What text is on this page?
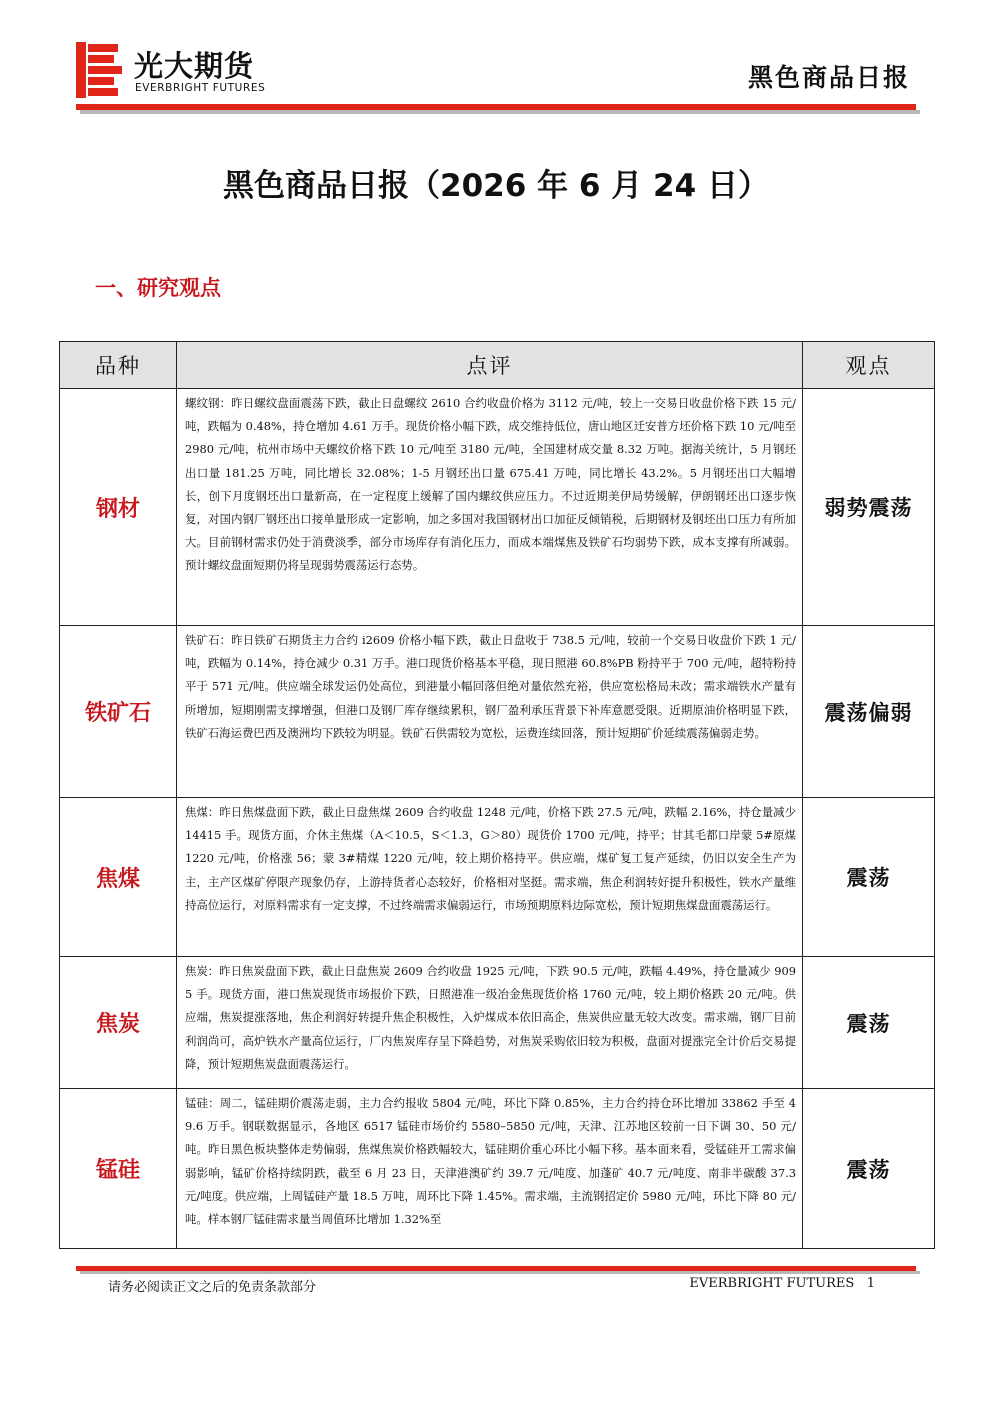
光大期货
EVERBRIGHT FUTURES	黑色商品日报
黑色商品日报（2026 年 6 月 24 日）
一、研究观点
品种	点评	观点
钢材	螺纹钢：昨日螺纹盘面震荡下跌，截止日盘螺纹 2610 合约收盘价格为 3112 元/吨，较上一交易日收盘价格下跌 15 元/吨，跌幅为 0.48%，持仓增加 4.61 万手。现货价格小幅下跌，成交维持低位，唐山地区迁安普方坯价格下跌 10 元/吨至 2980 元/吨，杭州市场中天螺纹价格下跌 10 元/吨至 3180 元/吨，全国建材成交量 8.32 万吨。据海关统计，5 月钢坯出口量 181.25 万吨，同比增长 32.08%；1-5 月钢坯出口量 675.41 万吨，同比增长 43.2%。5 月钢坯出口大幅增长，创下月度钢坯出口量新高，在一定程度上缓解了国内螺纹供应压力。不过近期美伊局势缓解，伊朗钢坯出口逐步恢复，对国内钢厂钢坯出口接单量形成一定影响，加之多国对我国钢材出口加征反倾销税，后期钢材及钢坯出口压力有所加大。目前钢材需求仍处于消费淡季，部分市场库存有消化压力，而成本端煤焦及铁矿石均弱势下跌，成本支撑有所减弱。预计螺纹盘面短期仍将呈现弱势震荡运行态势。	弱势震荡
铁矿石	铁矿石：昨日铁矿石期货主力合约 i2609 价格小幅下跌，截止日盘收于 738.5 元/吨，较前一个交易日收盘价下跌 1 元/吨，跌幅为 0.14%，持仓减少 0.31 万手。港口现货价格基本平稳，现日照港 60.8%PB 粉持平于 700 元/吨，超特粉持平于 571 元/吨。供应端全球发运仍处高位，到港量小幅回落但绝对量依然充裕，供应宽松格局未改；需求端铁水产量有所增加，短期刚需支撑增强，但港口及钢厂库存继续累积，钢厂盈利承压背景下补库意愿受限。近期原油价格明显下跌，铁矿石海运费巴西及澳洲均下跌较为明显。铁矿石供需较为宽松，运费连续回落，预计短期矿价延续震荡偏弱走势。	震荡偏弱
焦煤	焦煤：昨日焦煤盘面下跌，截止日盘焦煤 2609 合约收盘 1248 元/吨，价格下跌 27.5 元/吨，跌幅 2.16%，持仓量减少 14415 手。现货方面，介休主焦煤（A＜10.5，S＜1.3，G＞80）现货价 1700 元/吨，持平；甘其毛都口岸蒙 5#原煤 1220 元/吨，价格涨 56；蒙 3#精煤 1220 元/吨，较上期价格持平。供应端，煤矿复工复产延续，仍旧以安全生产为主，主产区煤矿停限产现象仍存，上游持货者心态较好，价格相对坚挺。需求端，焦企利润转好提升积极性，铁水产量维持高位运行，对原料需求有一定支撑，不过终端需求偏弱运行，市场预期原料边际宽松，预计短期焦煤盘面震荡运行。	震荡
焦炭	焦炭：昨日焦炭盘面下跌，截止日盘焦炭 2609 合约收盘 1925 元/吨，下跌 90.5 元/吨，跌幅 4.49%，持仓量减少 9095 手。现货方面，港口焦炭现货市场报价下跌，日照港准一级冶金焦现货价格 1760 元/吨，较上期价格跌 20 元/吨。供应端，焦炭提涨落地，焦企利润好转提升焦企积极性，入炉煤成本依旧高企，焦炭供应量无较大改变。需求端，钢厂目前利润尚可，高炉铁水产量高位运行，厂内焦炭库存呈下降趋势，对焦炭采购依旧较为积极，盘面对提涨完全计价后交易提降，预计短期焦炭盘面震荡运行。	震荡
锰硅	锰硅：周二，锰硅期价震荡走弱，主力合约报收 5804 元/吨，环比下降 0.85%，主力合约持仓环比增加 33862 手至 49.6 万手。钢联数据显示，各地区 6517 锰硅市场价约 5580–5850 元/吨，天津、江苏地区较前一日下调 30、50 元/吨。昨日黑色板块整体走势偏弱，焦煤焦炭价格跌幅较大，锰硅期价重心环比小幅下移。基本面来看，受锰硅开工需求偏弱影响，锰矿价格持续阴跌，截至 6 月 23 日，天津港澳矿约 39.7 元/吨度、加蓬矿 40.7 元/吨度、南非半碳酸 37.3 元/吨度。供应端，上周锰硅产量 18.5 万吨，周环比下降 1.45%。需求端，主流钢招定价 5980 元/吨，环比下降 80 元/吨。样本钢厂锰硅需求量当周值环比增加 1.32%至	震荡
请务必阅读正文之后的免责条款部分	EVERBRIGHT FUTURES 1
